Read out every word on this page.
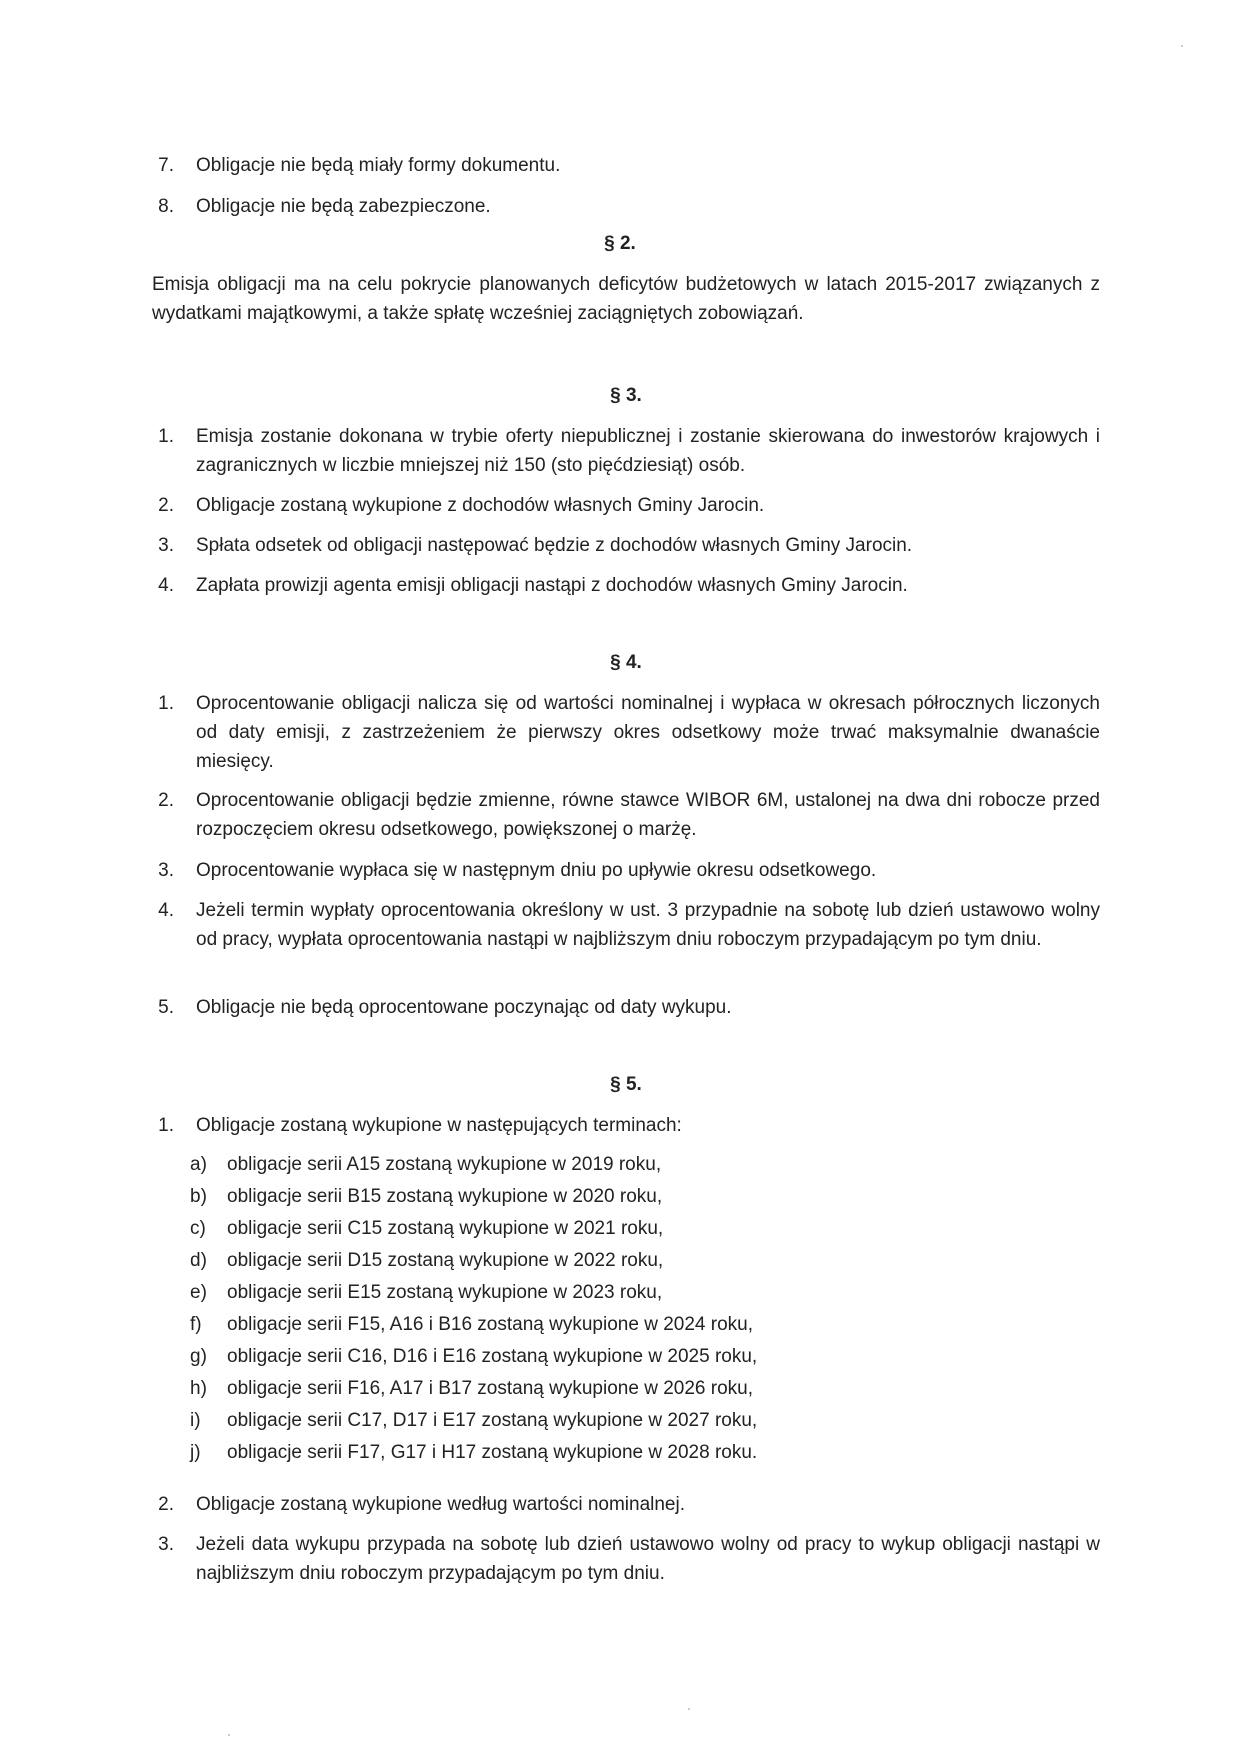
7. Obligacje nie będą miały formy dokumentu.
8. Obligacje nie będą zabezpieczone.
§ 2.
Emisja obligacji ma na celu pokrycie planowanych deficytów budżetowych w latach 2015-2017 związanych z wydatkami majątkowymi, a także spłatę wcześniej zaciągniętych zobowiązań.
§ 3.
1. Emisja zostanie dokonana w trybie oferty niepublicznej i zostanie skierowana do inwestorów krajowych i zagranicznych w liczbie mniejszej niż 150 (sto pięćdziesiąt) osób.
2. Obligacje zostaną wykupione z dochodów własnych Gminy Jarocin.
3. Spłata odsetek od obligacji następować będzie z dochodów własnych Gminy Jarocin.
4. Zapłata prowizji agenta emisji obligacji nastąpi z dochodów własnych Gminy Jarocin.
§ 4.
1. Oprocentowanie obligacji nalicza się od wartości nominalnej i wypłaca w okresach półrocznych liczonych od daty emisji, z zastrzeżeniem że pierwszy okres odsetkowy może trwać maksymalnie dwanaście miesięcy.
2. Oprocentowanie obligacji będzie zmienne, równe stawce WIBOR 6M, ustalonej na dwa dni robocze przed rozpoczęciem okresu odsetkowego, powiększonej o marżę.
3. Oprocentowanie wypłaca się w następnym dniu po upływie okresu odsetkowego.
4. Jeżeli termin wypłaty oprocentowania określony w ust. 3 przypadnie na sobotę lub dzień ustawowo wolny od pracy, wypłata oprocentowania nastąpi w najbliższym dniu roboczym przypadającym po tym dniu.
5. Obligacje nie będą oprocentowane poczynając od daty wykupu.
§ 5.
1. Obligacje zostaną wykupione w następujących terminach:
a)	obligacje serii A15 zostaną wykupione w 2019 roku,
b)	obligacje serii B15 zostaną wykupione w 2020 roku,
c)	obligacje serii C15 zostaną wykupione w 2021 roku,
d)	obligacje serii D15 zostaną wykupione w 2022 roku,
e)	obligacje serii E15 zostaną wykupione w 2023 roku,
f)	obligacje serii F15, A16 i B16 zostaną wykupione w 2024 roku,
g)	obligacje serii C16, D16 i E16 zostaną wykupione w 2025 roku,
h)	obligacje serii F16, A17 i B17 zostaną wykupione w 2026 roku,
i)	obligacje serii C17, D17 i E17 zostaną wykupione w 2027 roku,
j)	obligacje serii F17, G17 i H17 zostaną wykupione w 2028 roku.
2. Obligacje zostaną wykupione według wartości nominalnej.
3. Jeżeli data wykupu przypada na sobotę lub dzień ustawowo wolny od pracy to wykup obligacji nastąpi w najbliższym dniu roboczym przypadającym po tym dniu.
